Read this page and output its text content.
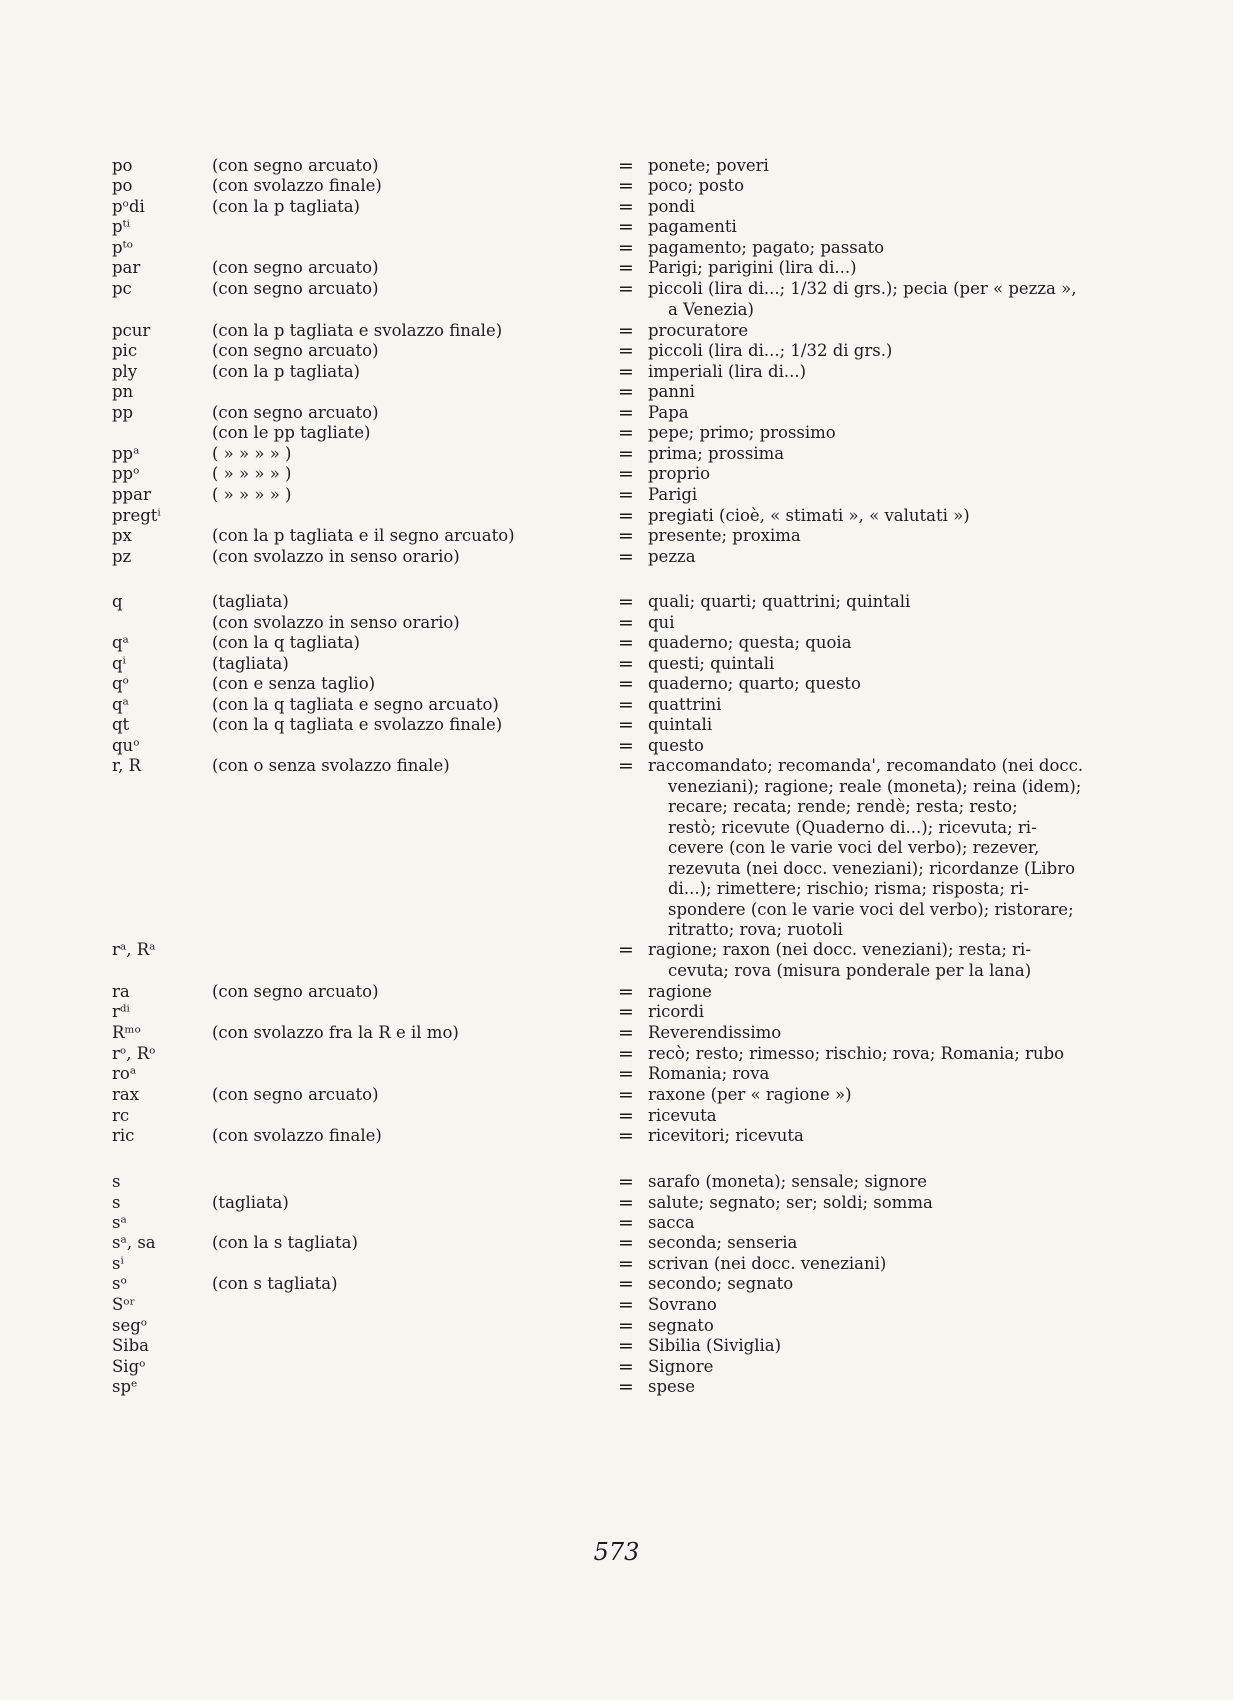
po	(con segno arcuato)	= ponete; poveri
po	(con svolazzo finale)	= poco; posto
pᵒdi	(con la p tagliata)	= pondi
pᵗⁱ	= pagamenti
pᵗᵒ	= pagamento; pagato; passato
par	(con segno arcuato)	= Parigi; parigini (lira di...)
pc	(con segno arcuato)	= piccoli (lira di...; 1/32 di grs.); pecia (per « pezza »,
a Venezia)
pcur	(con la p tagliata e svolazzo finale)	= procuratore
pic	(con segno arcuato)	= piccoli (lira di...; 1/32 di grs.)
ply	(con la p tagliata)	= imperiali (lira di...)
pn	= panni
pp	(con segno arcuato)	= Papa
(con le pp tagliate)	= pepe; primo; prossimo
ppᵃ	( » » » » )	= prima; prossima
ppᵒ	( » » » » )	= proprio
ppar	( » » » » )	= Parigi
pregtⁱ	= pregiati (cioè, « stimati », « valutati »)
px	(con la p tagliata e il segno arcuato)	= presente; proxima
pz	(con svolazzo in senso orario)	= pezza
q	(tagliata)	= quali; quarti; quattrini; quintali
(con svolazzo in senso orario)	= qui
qᵃ	(con la q tagliata)	= quaderno; questa; quoia
qⁱ	(tagliata)	= questi; quintali
qᵒ	(con e senza taglio)	= quaderno; quarto; questo
qᵃ	(con la q tagliata e segno arcuato)	= quattrini
qt	(con la q tagliata e svolazzo finale)	= quintali
quᵒ	= questo
r, R	(con o senza svolazzo finale)	= raccomandato; recomanda', recomandato (nei docc.
veneziani); ragione; reale (moneta); reina (idem);
recare; recata; rende; rendè; resta; resto;
restò; ricevute (Quaderno di...); ricevuta; ri-
cevere (con le varie voci del verbo); rezever,
rezevuta (nei docc. veneziani); ricordanze (Libro
di...); rimettere; rischio; risma; risposta; ri-
spondere (con le varie voci del verbo); ristorare;
ritratto; rova; ruotoli
rᵃ, Rᵃ	= ragione; raxon (nei docc. veneziani); resta; ri-
cevuta; rova (misura ponderale per la lana)
ra	(con segno arcuato)	= ragione
rᵈⁱ	= ricordi
Rᵐᵒ	(con svolazzo fra la R e il mo)	= Reverendissimo
rᵒ, Rᵒ	= recò; resto; rimesso; rischio; rova; Romania; rubo
roᵃ	= Romania; rova
rax	(con segno arcuato)	= raxone (per « ragione »)
rc	= ricevuta
ric	(con svolazzo finale)	= ricevitori; ricevuta
s	= sarafo (moneta); sensale; signore
s	(tagliata)	= salute; segnato; ser; soldi; somma
sᵃ	= sacca
sᵃ, sa	(con la s tagliata)	= seconda; senseria
sⁱ	= scrivan (nei docc. veneziani)
sᵒ	(con s tagliata)	= secondo; segnato
Sᵒʳ	= Sovrano
segᵒ	= segnato
Siba	= Sibilia (Siviglia)
Sigᵒ	= Signore
spᵉ	= spese
573
